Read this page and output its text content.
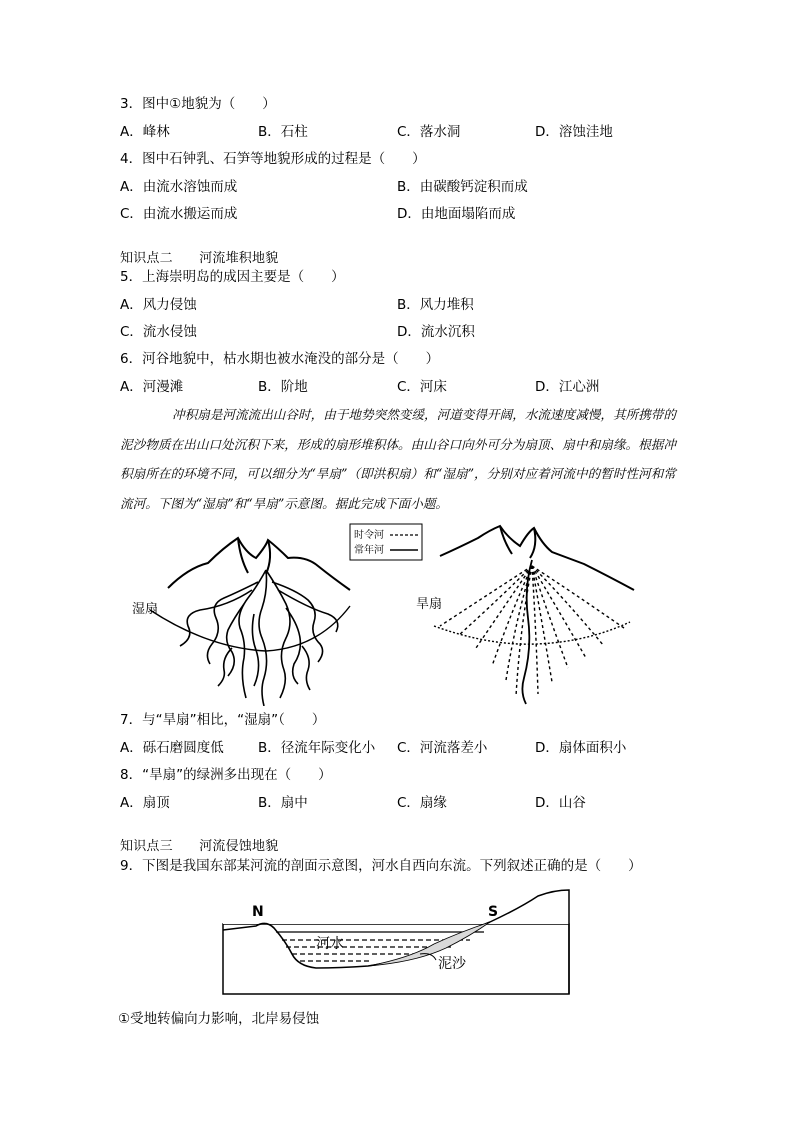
3．图中①地貌为（　　）
A．峰林	B．石柱	C．落水洞	D．溶蚀洼地
4．图中石钟乳、石笋等地貌形成的过程是（　　）
A．由流水溶蚀而成	B．由碳酸钙淀积而成
C．由流水搬运而成	D．由地面塌陷而成
知识点二　　河流堆积地貌
5．上海崇明岛的成因主要是（　　）
A．风力侵蚀	B．风力堆积
C．流水侵蚀	D．流水沉积
6．河谷地貌中，枯水期也被水淹没的部分是（　　）
A．河漫滩	B．阶地	C．河床	D．江心洲
冲积扇是河流流出山谷时，由于地势突然变缓，河道变得开阔，水流速度减慢，其所携带的泥沙物质在出山口处沉积下来，形成的扇形堆积体。由山谷口向外可分为扇顶、扇中和扇缘。根据冲积扇所在的环境不同，可以细分为“旱扇”（即洪积扇）和“湿扇”，分别对应着河流中的暂时性河和常流河。下图为“湿扇”和“旱扇”示意图。据此完成下面小题。
湿扇
时令河
常年河
旱扇
7．与“旱扇”相比，“湿扇”（　　）
A．砾石磨圆度低	B．径流年际变化小 C．河流落差小	D．扇体面积小
8．“旱扇”的绿洲多出现在（　　）
A．扇顶	B．扇中	C．扇缘	D．山谷
知识点三　　河流侵蚀地貌
9．下图是我国东部某河流的剖面示意图，河水自西向东流。下列叙述正确的是（　　）
N	S
河水
泥沙
①受地转偏向力影响，北岸易侵蚀
